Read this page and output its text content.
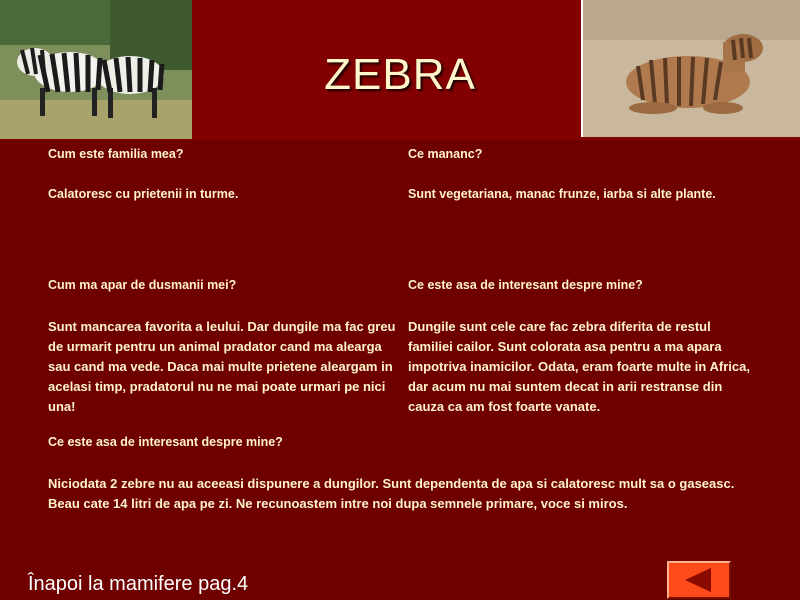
ZEBRA
Cum este familia mea?
Calatoresc cu prietenii in turme.
Ce mananc?
Sunt vegetariana, manac frunze, iarba si alte plante.
Cum ma apar de dusmanii mei?
Sunt mancarea favorita a leului. Dar dungile ma fac greu
de urmarit pentru un animal pradator cand ma alearga
sau cand ma vede. Daca mai multe prietene aleargam in
acelasi timp, pradatorul nu ne mai poate urmari pe nici
una!
Ce este asa de interesant despre mine?
Dungile sunt cele care fac zebra diferita de restul
familiei cailor. Sunt colorata asa pentru a ma apara
impotriva inamicilor. Odata, eram foarte multe in Africa,
dar acum nu mai suntem decat in arii restranse din
cauza ca am fost foarte vanate.
Ce este asa de interesant despre mine?
Niciodata 2 zebre nu au aceeasi dispunere a dungilor. Sunt dependenta de apa si calatoresc mult sa o gaseasc.
Beau cate 14 litri de apa pe zi. Ne recunoastem intre noi dupa semnele primare, voce si miros.
Înapoi la mamifere pag.4
